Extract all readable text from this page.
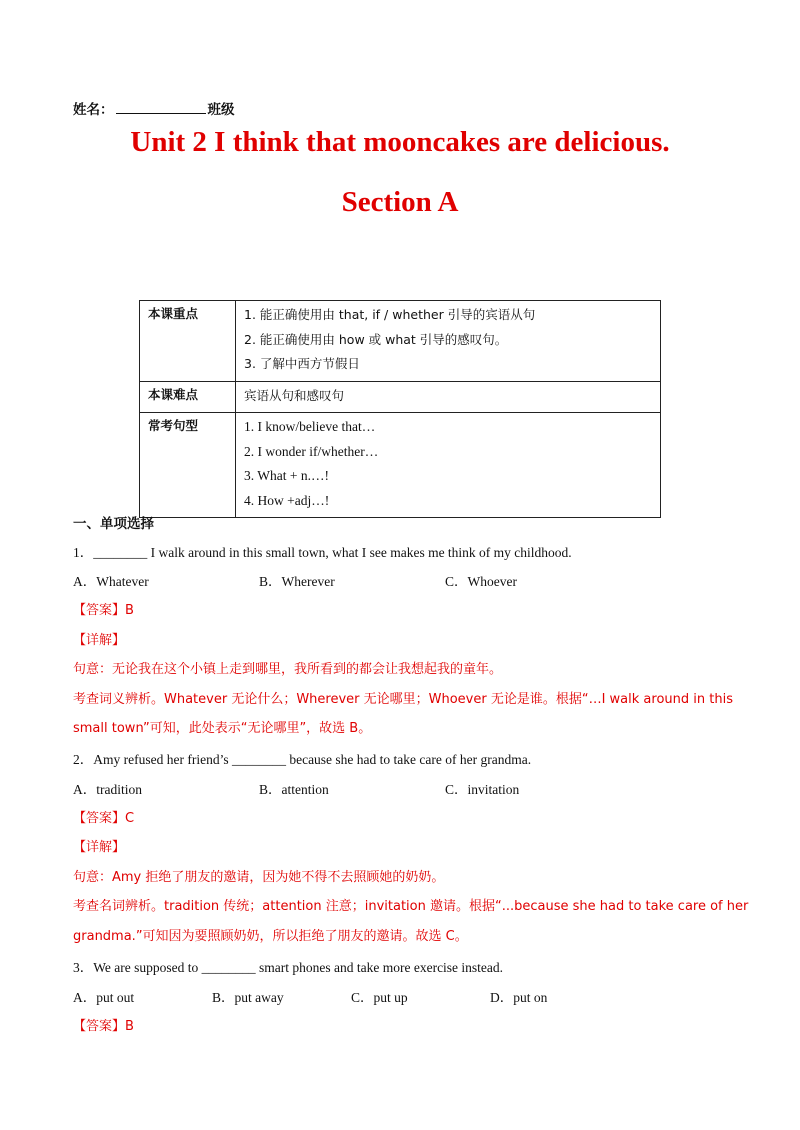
姓名：	班级
Unit 2 I think that mooncakes are delicious.
Section A
本课重点	1. 能正确使用由 that, if / whether 引导的宾语从句
2. 能正确使用由 how 或 what 引导的感叹句。
3. 了解中西方节假日

本课难点	宾语从句和感叹句

常考句型	1. I know/believe that…
2. I wonder if/whether…
3. What + n.…!
4. How +adj…!
一、单项选择
1．________ I walk around in this small town, what I see makes me think of my childhood.
A．Whatever	B．Wherever	C．Whoever
【答案】B
【详解】
句意：无论我在这个小镇上走到哪里，我所看到的都会让我想起我的童年。
考查词义辨析。Whatever 无论什么；Wherever 无论哪里；Whoever 无论是谁。根据“…I walk around in this
small town”可知，此处表示“无论哪里”，故选 B。
2．Amy refused her friend’s ________ because she had to take care of her grandma.
A．tradition	B．attention	C．invitation
【答案】C
【详解】
句意：Amy 拒绝了朋友的邀请，因为她不得不去照顾她的奶奶。
考查名词辨析。tradition 传统；attention 注意；invitation 邀请。根据“...because she had to take care of her
grandma.”可知因为要照顾奶奶，所以拒绝了朋友的邀请。故选 C。
3．We are supposed to ________ smart phones and take more exercise instead.
A．put out	B．put away	C．put up	D．put on
【答案】B
